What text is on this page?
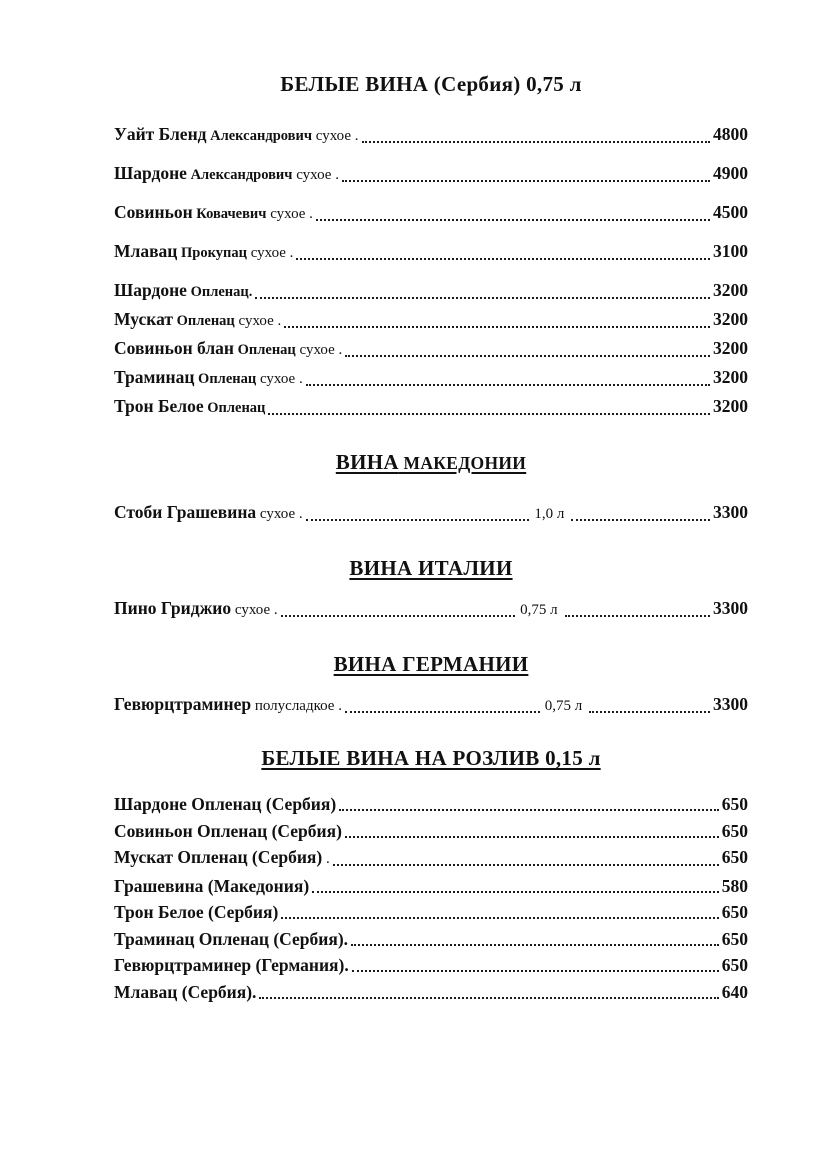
БЕЛЫЕ ВИНА (Сербия) 0,75 л
Уайт Бленд Александрович сухое .	4800
Шардоне Александрович сухое .	4900
Совиньон Ковачевич сухое .	4500
Млавац Прокупац сухое .	3100
Шардоне Опленац.	3200
Мускат Опленац сухое .	3200
Совиньон блан Опленац сухое .	3200
Траминац Опленац сухое .	3200
Трон Белое Опленац	3200
ВИНА МАКЕДОНИИ
Стоби Грашевина сухое .	1,0 л	3300
ВИНА ИТАЛИИ
Пино Гриджио сухое .	0,75 л	3300
ВИНА ГЕРМАНИИ
Гевюрцтраминер полусладкое .	0,75 л	3300
БЕЛЫЕ ВИНА НА РОЗЛИВ 0,15 л
Шардоне Опленац (Сербия)	650
Совиньон Опленац (Сербия)	650
Мускат Опленац (Сербия) .	650
Грашевина (Македония)	580
Трон Белое (Сербия)	650
Траминац Опленац (Сербия).	650
Гевюрцтраминер (Германия).	650
Млавац (Сербия).	640
